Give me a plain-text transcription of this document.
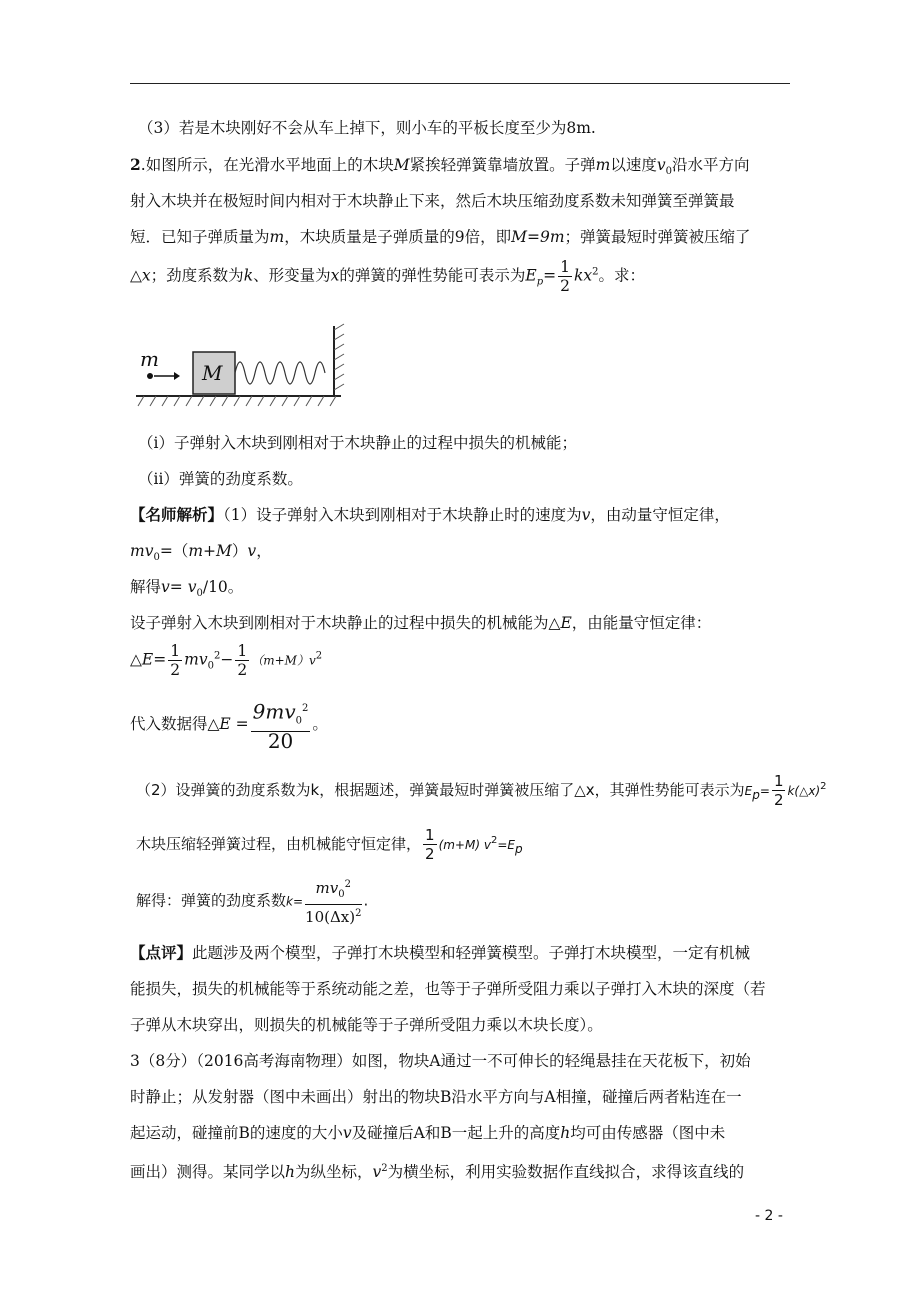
（3）若是木块刚好不会从车上掉下，则小车的平板长度至少为8m.
2.如图所示，在光滑水平地面上的木块M紧挨轻弹簧靠墙放置。子弹m以速度$v_0$沿水平方向
射入木块并在极短时间内相对于木块静止下来，然后木块压缩劲度系数未知弹簧至弹簧最
短．已知子弹质量为m，木块质量是子弹质量的9倍，即M=9m；弹簧最短时弹簧被压缩了
△x；劲度系数为k、形变量为x的弹簧的弹性势能可表示为$E_p= \frac{1}{2} kx^2$。求：
M
m
（i）子弹射入木块到刚相对于木块静止的过程中损失的机械能；
（ii）弹簧的劲度系数。
【名师解析】（1）设子弹射入木块到刚相对于木块静止时的速度为v，由动量守恒定律，
$mv_0=(m+M)v$，
解得$v= v_0/10$。
设子弹射入木块到刚相对于木块静止的过程中损失的机械能为△E，由能量守恒定律：
△E= $\frac{1}{2} mv_0^2- \frac{1}{2} (m+M)v^2$
代入数据得△E = $\frac{9mv_0^2}{20}$ 。
（2）设弹簧的劲度系数为k，根据题述，弹簧最短时弹簧被压缩了△x，其弹性势能可表示为$E_p= \frac{1}{2}$ k(△x)$^2$
木块压缩轻弹簧过程，由机械能守恒定律， $\frac{1}{2} (m+M)$ $v^2=E_p$
解得：弹簧的劲度系数$k= \frac{mv_0^2}{10(\Delta x)^2}$ .
【点评】此题涉及两个模型，子弹打木块模型和轻弹簧模型。子弹打木块模型，一定有机械
能损失，损失的机械能等于系统动能之差，也等于子弹所受阻力乘以子弹打入木块的深度（若
子弹从木块穿出，则损失的机械能等于子弹所受阻力乘以木块长度）。
3（8分）（2016高考海南物理）如图，物块A通过一不可伸长的轻绳悬挂在天花板下，初始
时静止；从发射器（图中未画出）射出的物块B沿水平方向与A相撞，碰撞后两者粘连在一
起运动，碰撞前B的速度的大小v及碰撞后A和B一起上升的高度h均可由传感器（图中未
画出）测得。某同学以h为纵坐标，$v^2$为横坐标，利用实验数据作直线拟合，求得该直线的
- 2 -
